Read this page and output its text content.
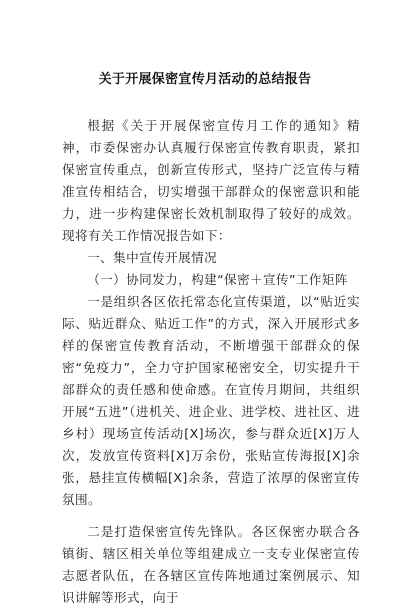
关于开展保密宣传月活动的总结报告

根据《关于开展保密宣传月工作的通知》精神，市委保密办认真履行保密宣传教育职责，紧扣保密宣传重点，创新宣传形式，坚持广泛宣传与精准宣传相结合，切实增强干部群众的保密意识和能力，进一步构建保密长效机制取得了较好的成效。现将有关工作情况报告如下：

一、集中宣传开展情况

（一）协同发力，构建“保密＋宣传”工作矩阵

一是组织各区依托常态化宣传渠道，以“贴近实际、贴近群众、贴近工作”的方式，深入开展形式多样的保密宣传教育活动，不断增强干部群众的保密“免疫力”，全力守护国家秘密安全，切实提升干部群众的责任感和使命感。在宣传月期间，共组织开展“五进”（进机关、进企业、进学校、进社区、进乡村）现场宣传活动[X]场次，参与群众近[X]万人次，发放宣传资料[X]万余份，张贴宣传海报[X]余张，悬挂宣传横幅[X]余条，营造了浓厚的保密宣传氛围。

二是打造保密宣传先锋队。各区保密办联合各镇街、辖区相关单位等组建成立一支专业保密宣传志愿者队伍，在各辖区宣传阵地通过案例展示、知识讲解等形式，向于
